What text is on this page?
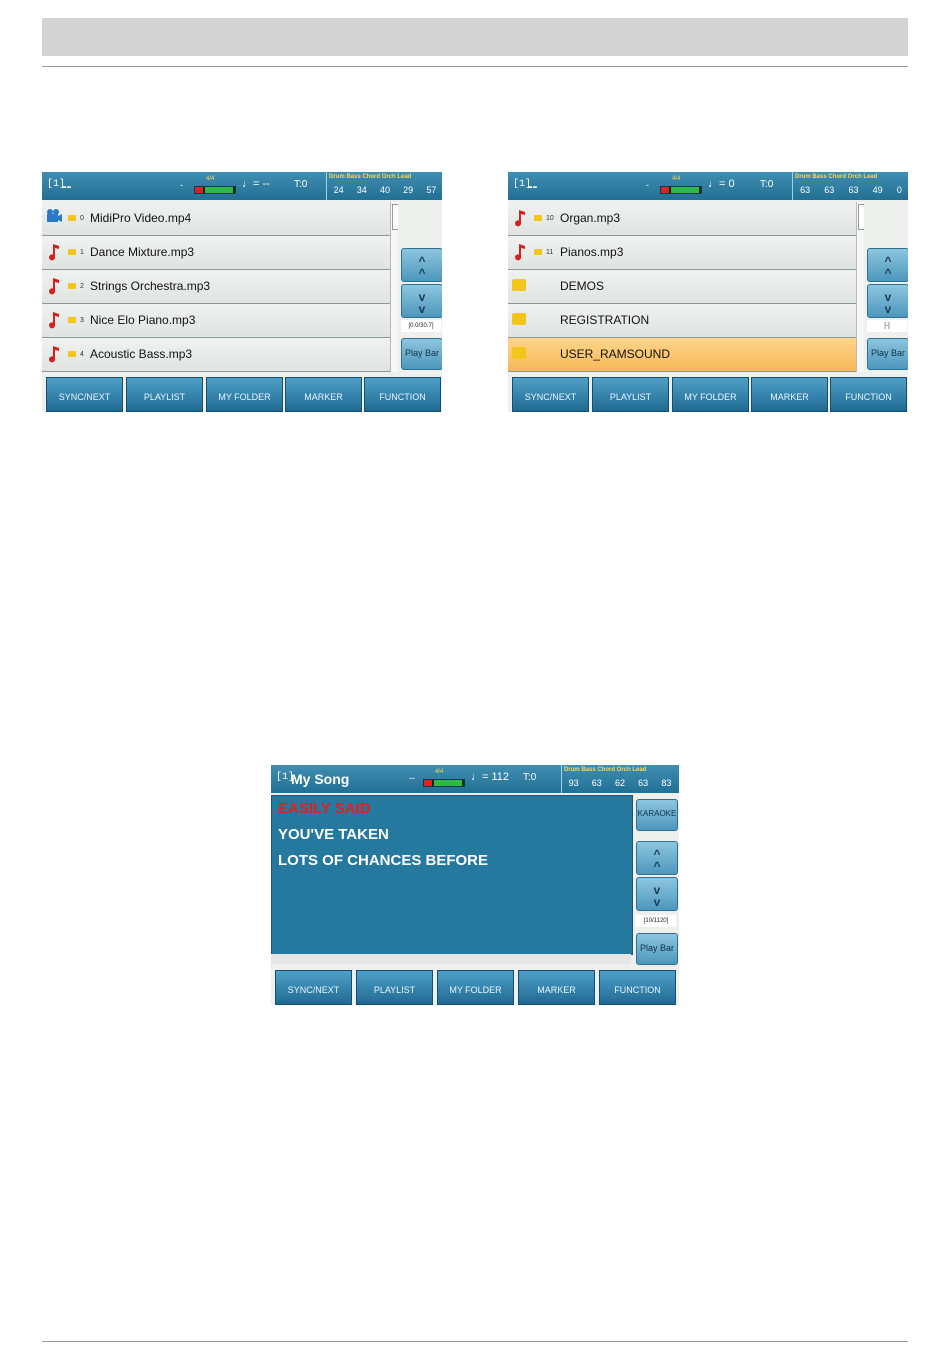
[1]
--	-
4/4	♩= -- T:0
Drum Bass Chord Orch Lead
24 34 40 29 57
0 MidiPro Video.mp4
1 Dance Mixture.mp3
2 Strings Orchestra.mp3
3 Nice Elo Piano.mp3
4 Acoustic Bass.mp3
^
^
v
v
[0.0/30.7]
Play Bar
SYNC/NEXT	PLAYLIST	MY FOLDER	MARKER	FUNCTION
[1]
--	-
4/4	♩= 0	T:0
Drum Bass Chord Orch Lead
63 63 63 49 0
10 Organ.mp3
11 Pianos.mp3
DEMOS
REGISTRATION
USER_RAMSOUND
^
^
v
v
[-]
Play Bar
SYNC/NEXT	PLAYLIST	MY FOLDER	MARKER	FUNCTION
[1]
My Song	--
4/4	♩= 112 T:0
Drum Bass Chord Orch Lead
93 63 62 63 83
EASILY SAID
YOU'VE TAKEN
LOTS OF CHANCES BEFORE
KARAOKE
^
^
v
v
[10/1120]
Play Bar
SYNC/NEXT	PLAYLIST	MY FOLDER	MARKER	FUNCTION
